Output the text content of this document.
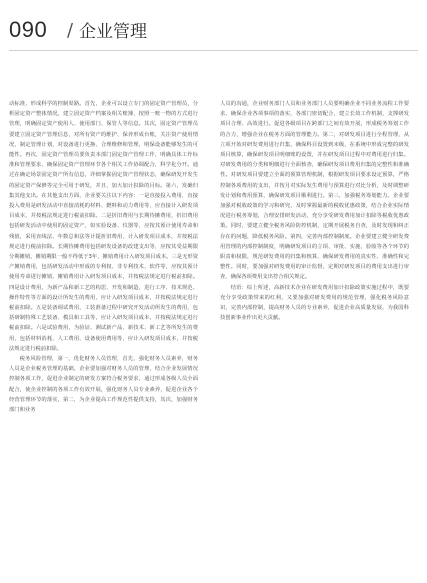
090 / 企业管理

动标准，形成科学的控制渠路。首先，企业可以设立专门的固定资产管理员，分析固定资产整体情况，建立固定资产档案及相关账簿，按照一账一物的方式进行管理，明确固定资产使用人、使用部门、保管人等信息。其次，固定资产管理员要建立固定资产管理信息，对所有资产的维护、保养形成台账，关注资产使用情况，制定管理计划，对设备进行更换、合理维修和管理，明保设备能够发生的可能性。再次，固定资产管理员要负责本部门固定资产管理工作，明确具体工作标准和管理要求，确保固定资产管理环节各个相关工作协调配合，科学化分开。通过在确定场景固定资产所有信息，详细掌握固定资产管理状态，确保研发开发生的固定资产保修等完全可用于研发，并且，加大加计扣除的目标。第六，发确归集其他支出。在其他支出方面，企业要关注以下内容：一是直接投入费用，直接投入费用是研发活动中直接消耗的材料、燃料和动力费用等，应直接计入研发项目成本，并按税法规定进行税前扣除。二是折旧费用与长期待摊费用，折旧费用包括研发活动中使用的固定资产，如实验设备、仪器等，应按其预计使用寿命和残值，采用直线法、年数总和法等计提折旧费用，计入研发项目成本，并按税法规定进行税前扣除。长期待摊费用包括研发设备的改建支出等，应按其受益期限分期摊销，摊销期限一般不得低于3年，摊销费用计入研发项目成本。三是无形资产摊销费用，包括研发活动中形成的专利权、非专利技术、软件等，应按其预计使用寿命进行摊销，摊销费用计入研发项目成本，并按税法规定进行税前扣除。四是设计费用，为新产品和新工艺的构思、开发和制造，进行工序、技术规范、操作特性等方面的设计所发生的费用，应计入研发项目成本，并按税法规定进行税前扣除。五是装备调试费用，工装准备过程中研究开发活动所发生的费用，包括研制特殊工艺装备、模具和工具等，应计入研发项目成本，并按税法规定进行税前扣除。六是试验费用，为验证、测试新产品、新技术、新工艺等所发生的费用，包括材料消耗、人工费用、设备使用费用等，应计入研发项目成本，并按税法规定进行税前扣除。

税务风险管理，第一，优化财务人员管理，首先，强化财务人员素养，财务人员是企业税务管理的基础，企业要加强对财务人员的管理，结合企业发展情况控制各项工作，促进企业制定的研发方案符合税务要求，通过形成各级人员全面配合，使企业控制的各项工作有效开展，强化财务人员专业素养，促进企业各个经营管理环节的落实，第二，为企业提高工作规范性提供支持，其次，加强财务部门和业务

人员的沟通，企业财务部门人员和业务部门人员要明确企业不同业务流程工作要求，确保企业各项事项的落实，各部门密切配合，建立长效工作机制，支撑研发项目合理、高效进行。促进各级项目在跨部门之间有效开展，形成税务筹划工作的合力，增强企业在税务方面的管理能力。第二，对研发项目进行全程管理，从立项开始对研发费用进行归集，确保科目设置到末级，在系统中形成完整的研发项目核算，确保研发项目明细账的设置，并在研发项目过程中对费用进行归集。对研发费用的分类和明细进行全面核查，确保研发项目费用归集的完整性和准确性。对研发项目要建立全面的预算管理机制，根据研发项目要求设定预算，严格控制各项费用的支出，并按月对实际发生费用与预算进行对比分析，及时调整研发计划和费用预算，确保研发项目顺利进行。第三，加强税务筹划能力。企业要加强对税收政策的学习和研究，及时掌握最新的税收优惠政策，结合企业实际情况进行税务筹划，合理安排研发活动，充分享受研发费用加计扣除等税收优惠政策。同时，要建立健全税务风险防控机制，定期开展税务自查，及时发现和纠正存在的问题，降低税务风险。第四，完善内部控制制度。企业要建立健全研发费用管理的内部控制制度，明确研发项目的立项、审批、实施、验收等各个环节的职责和权限，规范研发费用的归集和核算，确保研发费用的真实性、准确性和完整性。同时，要加强对研发费用的审计监督，定期对研发项目的费用支出进行审查，确保各项费用支出符合相关规定。

结语：综上所述，高新技术企业在研发费用加计扣除政策实施过程中，既要充分享受政策带来的红利，又要加强对研发费用的规范管理，强化税务风险意识，完善内部控制，提高财务人员的专业素养，促进企业高质量发展，为我国科技创新事业作出更大贡献。
